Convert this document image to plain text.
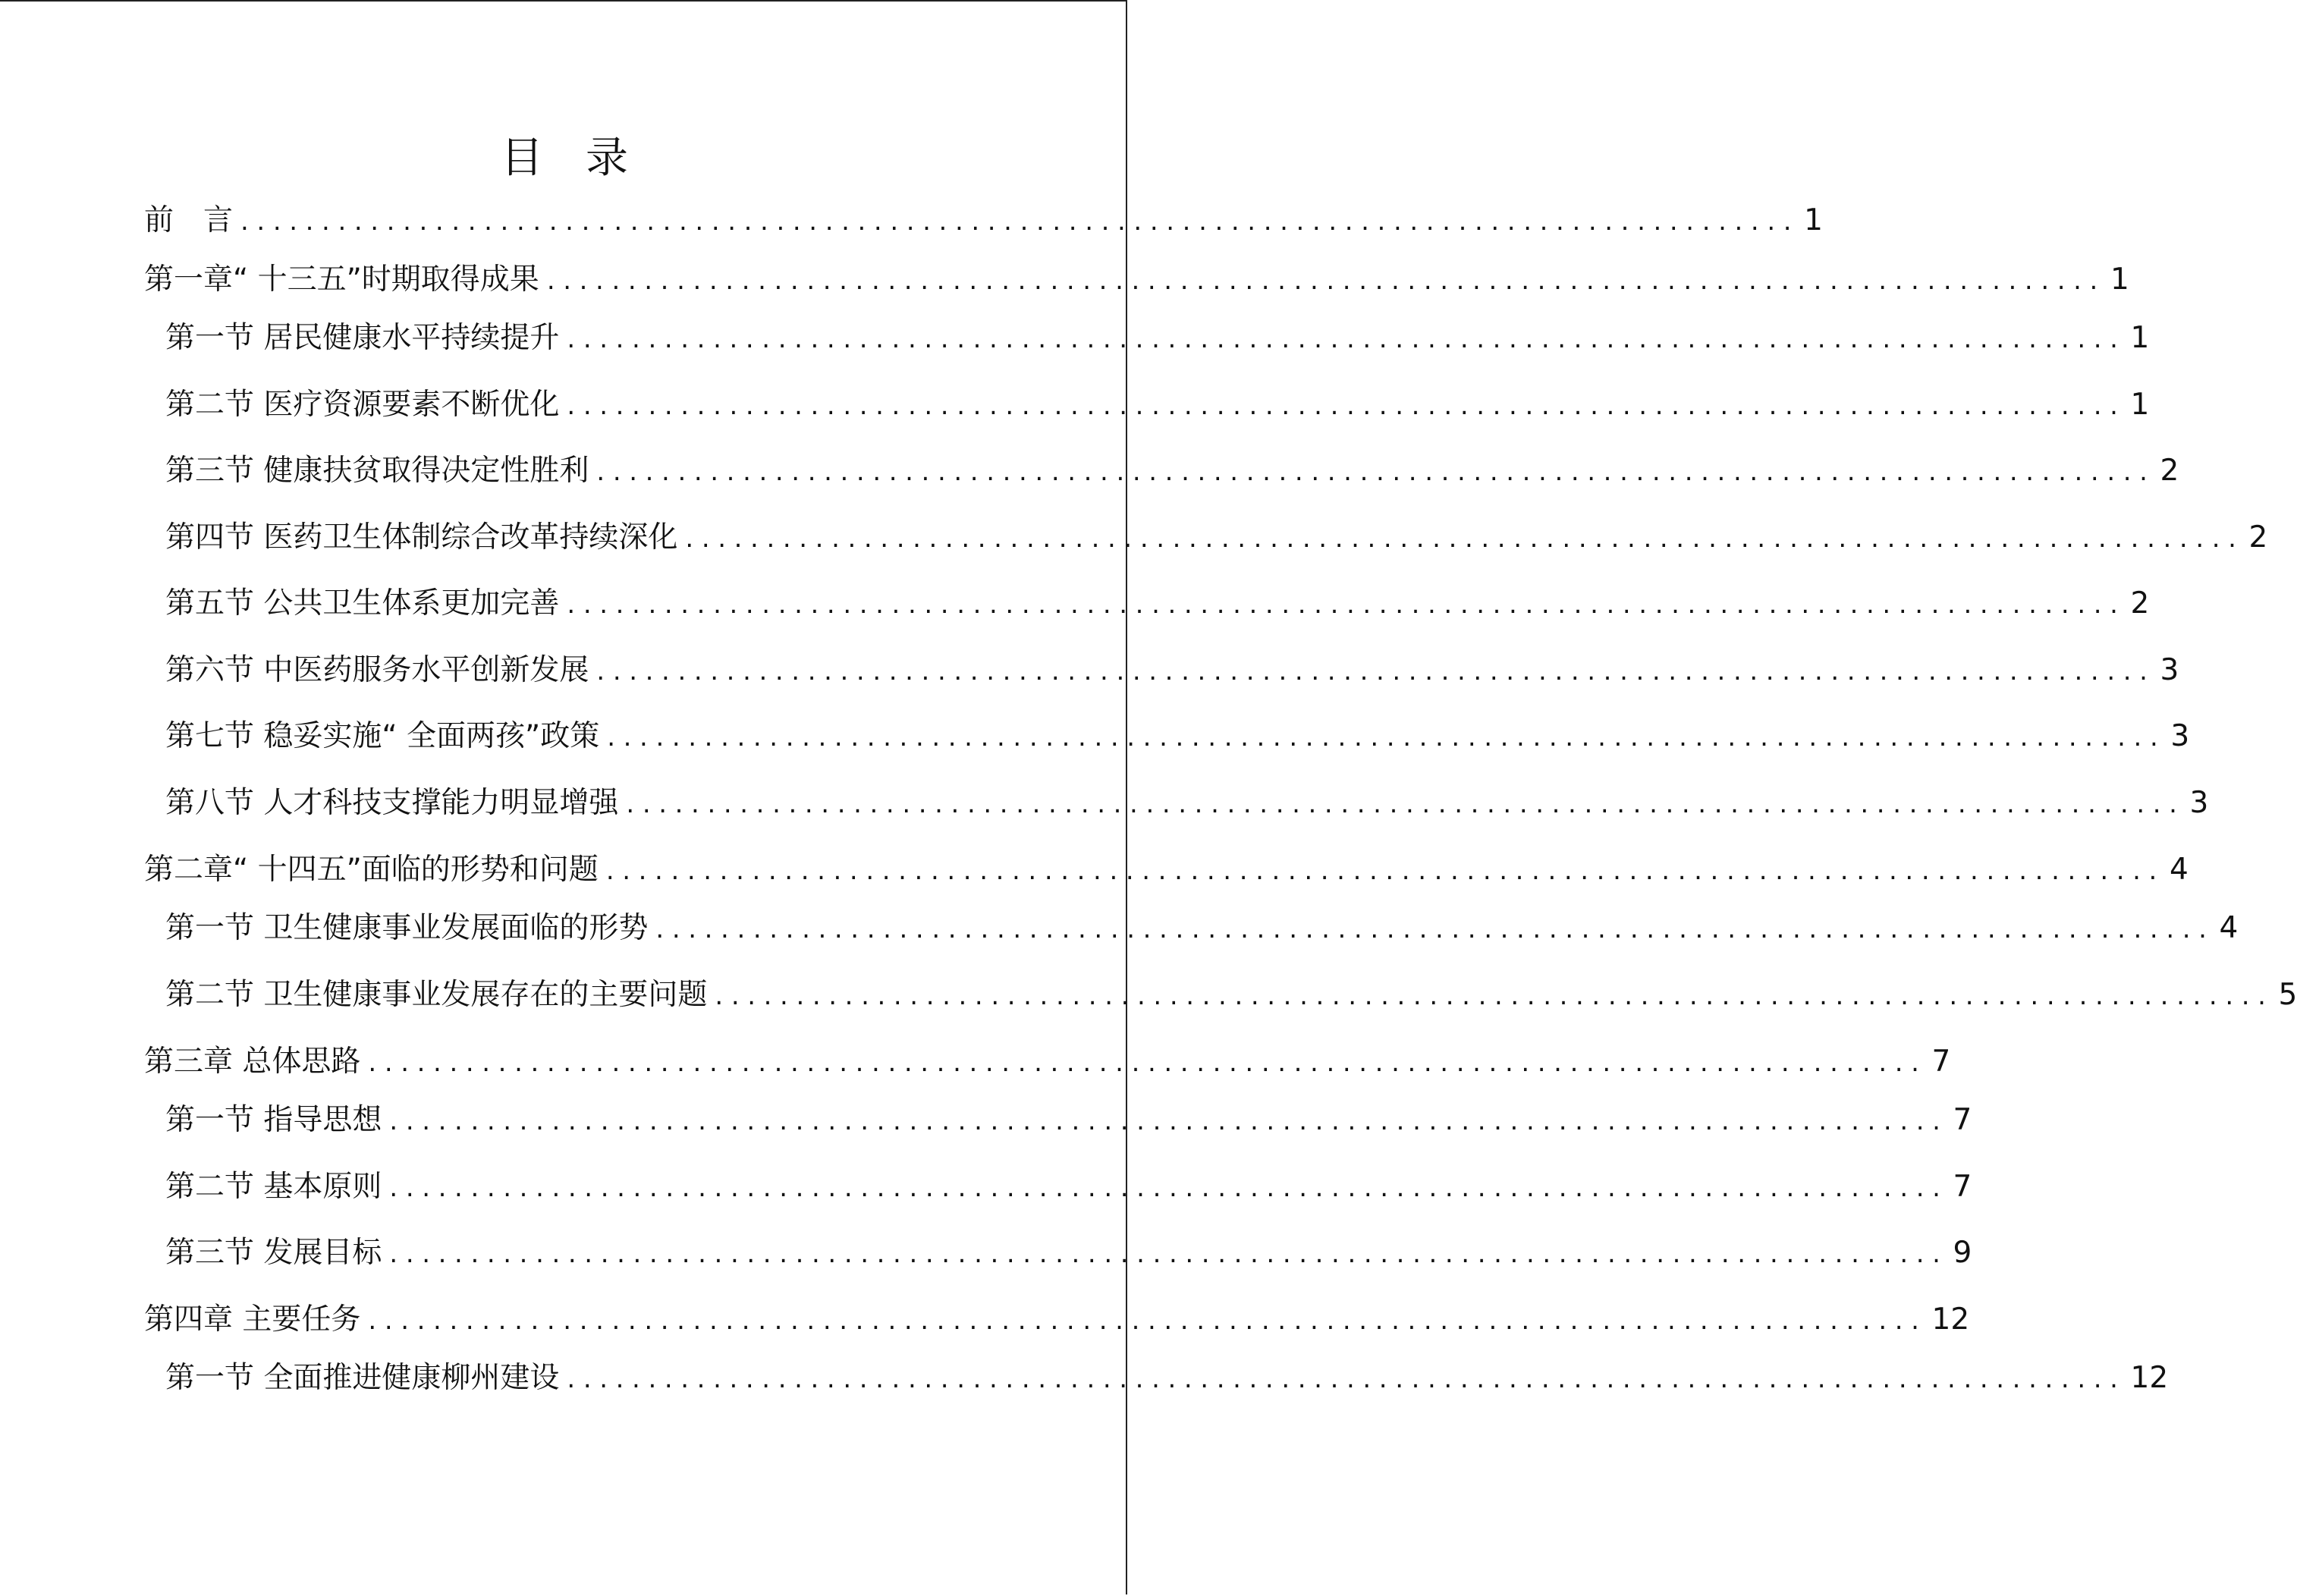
目　录
前　言 ................................................................................................ 1
第一章“ 十三五”时期取得成果 ................................................................................................ 1
第一节 居民健康水平持续提升 ................................................................................................ 1
第二节 医疗资源要素不断优化 ................................................................................................ 1
第三节 健康扶贫取得决定性胜利 ................................................................................................ 2
第四节 医药卫生体制综合改革持续深化 ................................................................................................ 2
第五节 公共卫生体系更加完善 ................................................................................................ 2
第六节 中医药服务水平创新发展 ................................................................................................ 3
第七节 稳妥实施“ 全面两孩”政策 ................................................................................................ 3
第八节 人才科技支撑能力明显增强 ................................................................................................ 3
第二章“ 十四五”面临的形势和问题 ................................................................................................ 4
第一节 卫生健康事业发展面临的形势 ................................................................................................ 4
第二节 卫生健康事业发展存在的主要问题 ................................................................................................ 5
第三章 总体思路 ................................................................................................ 7
第一节 指导思想 ................................................................................................ 7
第二节 基本原则 ................................................................................................ 7
第三节 发展目标 ................................................................................................ 9
第四章 主要任务 ................................................................................................ 12
第一节 全面推进健康柳州建设 ................................................................................................ 12
